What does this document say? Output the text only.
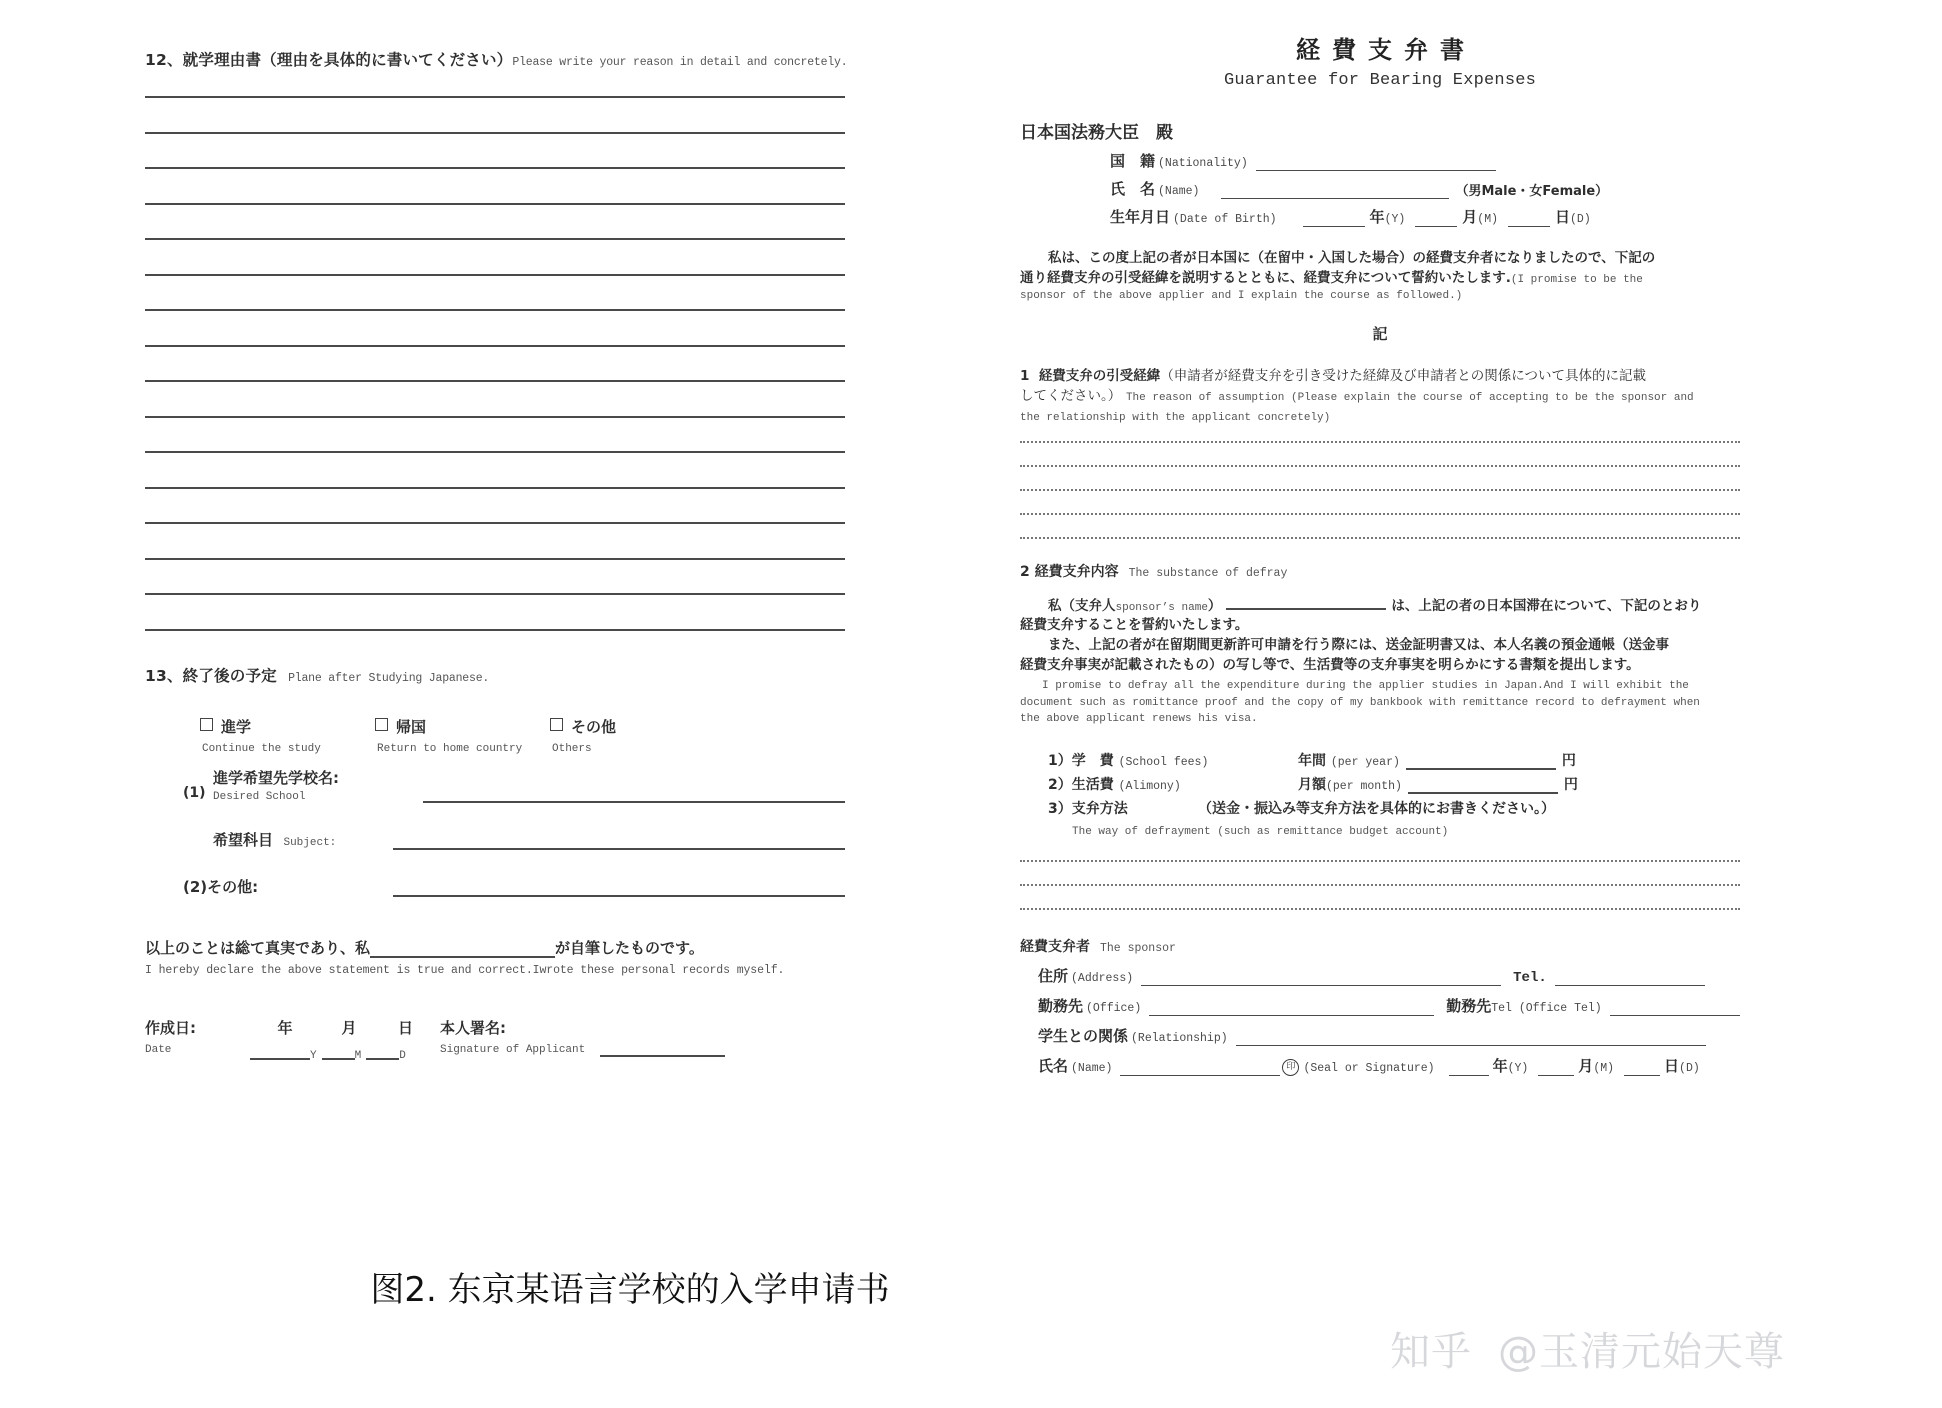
12、就学理由書（理由を具体的に書いてください）Please write your reason in detail and concretely.
13、終了後の予定 Plane after Studying Japanese.
進学
Continue the study
帰国
Return to home country
その他
Others
(1)
進学希望先学校名:
Desired School
希望科目 Subject:
(2)その他:
以上のことは総て真実であり、私	が自筆したものです。
I hereby declare the above statement is true and correct.Iwrote these personal records myself.
作成日:
Date
年	月	日
Y	M	D
本人署名:
Signature of Applicant
経費支弁書
Guarantee for Bearing Expenses
日本国法務大臣　殿
国　籍 (Nationality)
氏　名 (Name)	（男Male・女Female）
生年月日 (Date of Birth)	年 (Y)	月 (M)	日 (D)
私は、この度上記の者が日本国に（在留中・入国した場合）の経費支弁者になりましたので、下記の
通り経費支弁の引受経緯を説明するとともに、経費支弁について誓約いたします.(I promise to be the
sponsor of the above applier and I explain the course as followed.)
記
1 経費支弁の引受経緯（申請者が経費支弁を引き受けた経緯及び申請者との関係について具体的に記載
してください。） The reason of assumption (Please explain the course of accepting to be the sponsor and
the relationship with the applicant concretely)
2 経費支弁内容 The substance of defray
私（支弁人sponsor’s name）	は、上記の者の日本国滞在について、下記のとおり
経費支弁することを誓約いたします。
また、上記の者が在留期間更新許可申請を行う際には、送金証明書又は、本人名義の預金通帳（送金事
経費支弁事実が記載されたもの）の写し等で、生活費等の支弁事実を明らかにする書類を提出します。
I promise to defray all the expenditure during the applier studies in Japan.And I will exhibit the
document such as romittance proof and the copy of my bankbook with remittance record to defrayment when
the above applicant renews his visa.
1）学　費 (School fees)	年間 (per year)	円
2）生活費 (Alimony)	月額(per month)	円
3）支弁方法	（送金・振込み等支弁方法を具体的にお書きください。）
The way of defrayment (such as remittance budget account)
経費支弁者 The sponsor
住所 (Address)	Tel.
勤務先 (Office)	勤務先 Tel (Office Tel)
学生との関係 (Relationship)
氏名 (Name)	印 (Seal or Signature)	年 (Y)	月 (M)	日 (D)
图2. 东京某语言学校的入学申请书
知乎 @玉清元始天尊
